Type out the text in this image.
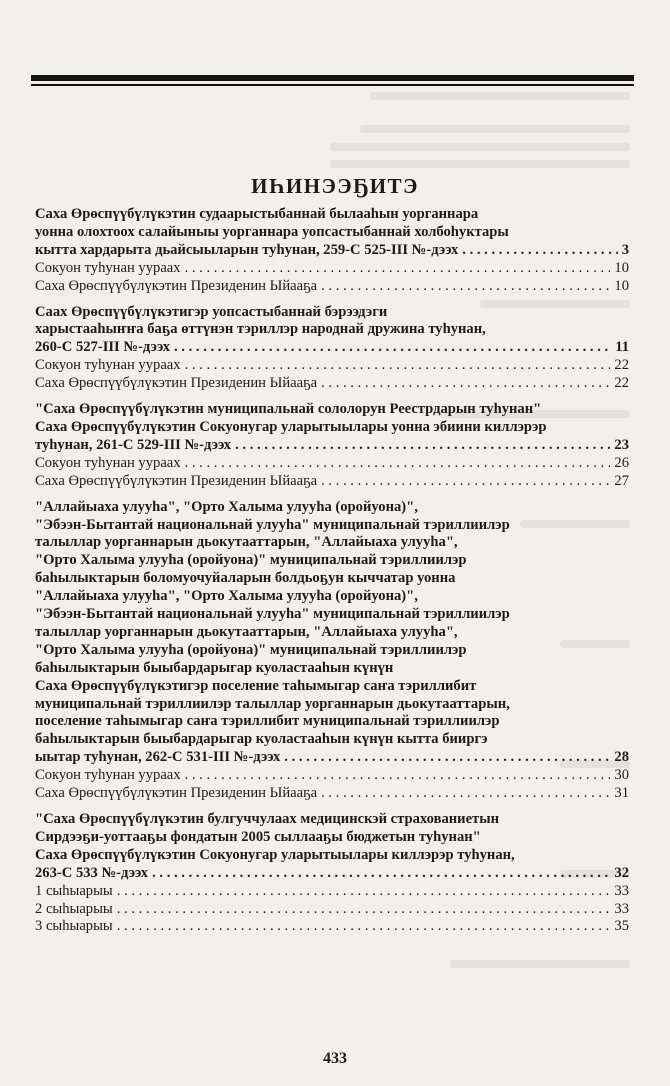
ИҺИНЭЭҔИТЭ
Саха Өрөспүүбүлүкэтин судаарыстыбаннай былааһын уорганнара
уонна олохтоох салайыныы уорганнара уопсастыбаннай холбоһуктары
кытта хардарыта дьайсыыларын туһунан, 259-С 525-III №-дээх . . .	3
Сокуон туһунан уураах . . .	10
Саха Өрөспүүбүлүкэтин Президенин Ыйааҕа . . .	10
Саах Өрөспүүбүлүкэтигэр уопсастыбаннай бэрээдэги
харыстааһыҥҥа баҕа өттүнэн тэриллэр народнай дружина туһунан,
260-С 527-III №-дээх . . .	11
Сокуон туһунан уураах . . .	22
Саха Өрөспүүбүлүкэтин Президенин Ыйааҕа . . .	22
"Саха Өрөспүүбүлүкэтин муниципальнай сололорун Реестрдарын туһунан"
Саха Өрөспүүбүлүкэтин Сокуонугар уларытыылары уонна эбиини киллэрэр
туһунан, 261-С 529-III №-дээх . . .	23
Сокуон туһунан уураах . . .	26
Саха Өрөспүүбүлүкэтин Президенин Ыйааҕа . . .	27
"Аллайыаха улууһа", "Орто Халыма улууһа (оройуона)",
"Эбээн-Бытантай национальнай улууһа" муниципальнай тэриллиилэр
талыллар уорганнарын дьокутааттарын, "Аллайыаха улууһа",
"Орто Халыма улууһа (оройуона)" муниципальнай тэриллиилэр
баһылыктарын боломуочуйаларын болдьоҕун кыччатар уонна
"Аллайыаха улууһа", "Орто Халыма улууһа (оройуона)",
"Эбээн-Бытантай национальнай улууһа" муниципальнай тэриллиилэр
талыллар уорганнарын дьокутааттарын, "Аллайыаха улууһа",
"Орто Халыма улууһа (оройуона)" муниципальнай тэриллиилэр
баһылыктарын быыбардарыгар куоластааһын күнүн
Саха Өрөспүүбүлүкэтигэр поселение таһымыгар саҥа тэриллибит
муниципальнай тэриллиилэр талыллар уорганнарын дьокутааттарын,
поселение таһымыгар саҥа тэриллибит муниципальнай тэриллиилэр
баһылыктарын быыбардарыгар куоластааһын күнүн кытта бииргэ
ыытар туһунан, 262-С 531-III №-дээх . . .	28
Сокуон туһунан уураах . . .	30
Саха Өрөспүүбүлүкэтин Президенин Ыйааҕа . . .	31
"Саха Өрөспүүбүлүкэтин булгуччулаах медицинскэй страхованиетын
Сирдээҕи-уоттааҕы фондатын 2005 сыллааҕы бюджетын туһунан"
Саха Өрөспүүбүлүкэтин Сокуонугар уларытыылары киллэрэр туһунан,
263-С 533 №-дээх . . .	32
1 сыһыарыы . . .	33
2 сыһыарыы . . .	33
3 сыһыарыы . . .	35
433
